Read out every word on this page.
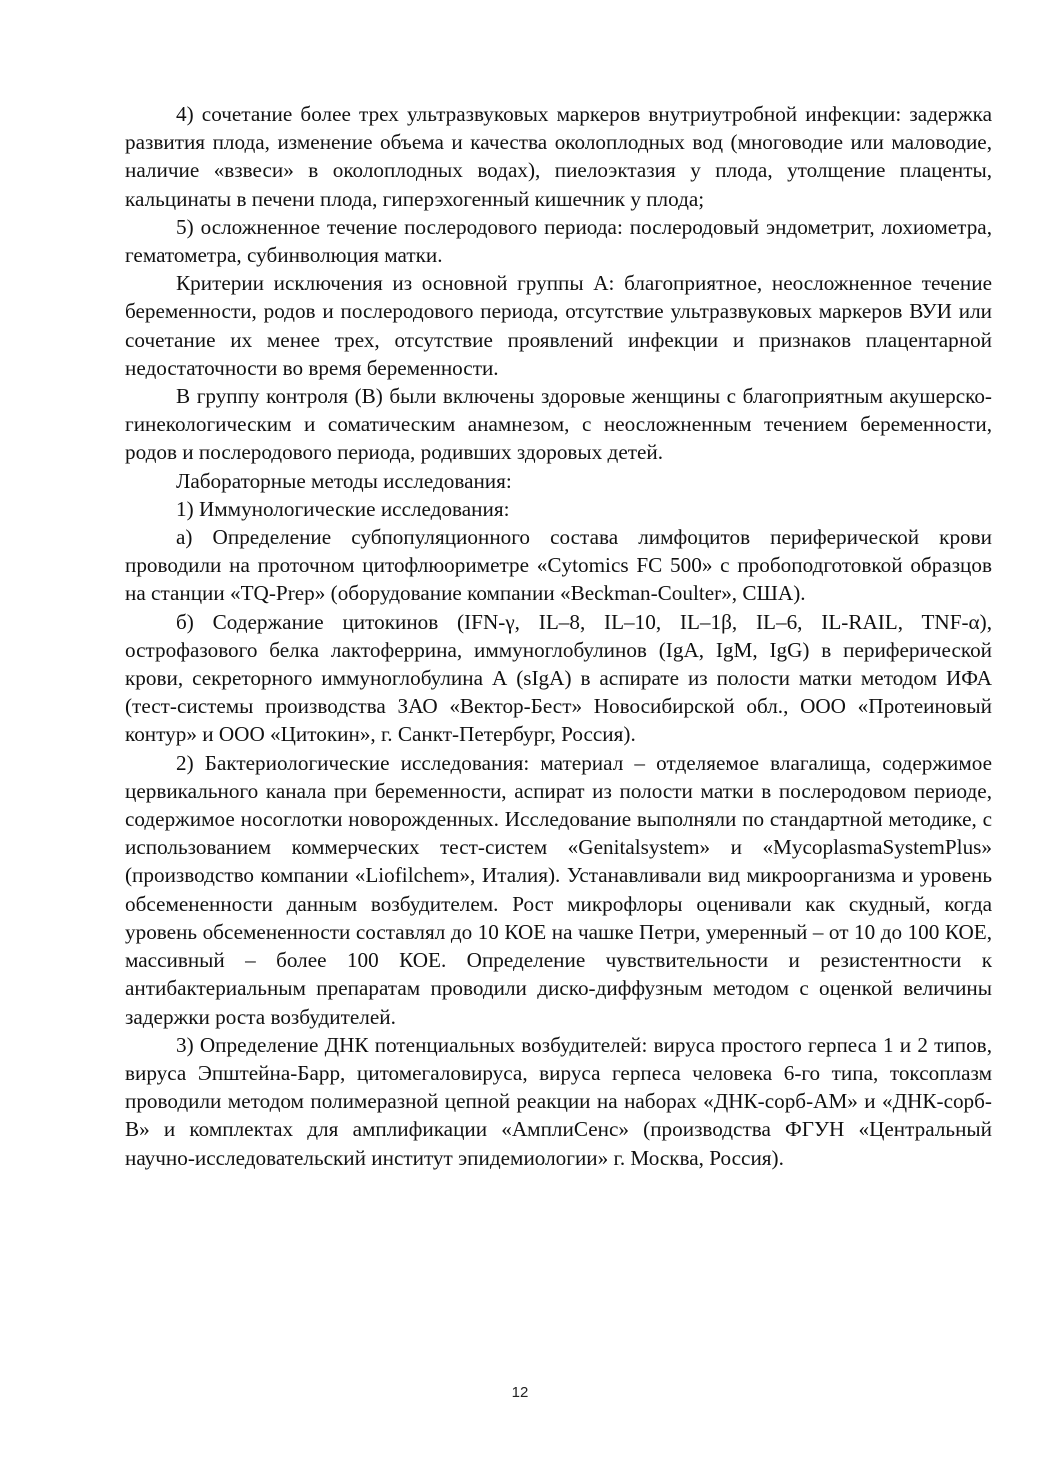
4) сочетание более трех ультразвуковых маркеров внутриутробной инфекции: задержка развития плода, изменение объема и качества околоплодных вод (многоводие или маловодие, наличие «взвеси» в околоплодных водах), пиелоэктазия у плода, утолщение плаценты, кальцинаты в печени плода, гиперэхогенный кишечник у плода;

5) осложненное течение послеродового периода: послеродовый эндометрит, лохиометра, гематометра, субинволюция матки.

Критерии исключения из основной группы А: благоприятное, неосложненное течение беременности, родов и послеродового периода, отсутствие ультразвуковых маркеров ВУИ или сочетание их менее трех, отсутствие проявлений инфекции и признаков плацентарной недостаточности во время беременности.

В группу контроля (В) были включены здоровые женщины с благоприятным акушерско-гинекологическим и соматическим анамнезом, с неосложненным течением беременности, родов и послеродового периода, родивших здоровых детей.

Лабораторные методы исследования:

1) Иммунологические исследования:

а) Определение субпопуляционного состава лимфоцитов периферической крови проводили на проточном цитофлюориметре «Cytomics FC 500» с пробоподготовкой образцов на станции «TQ-Prep» (оборудование компании «Beckman-Coulter», США).

б) Содержание цитокинов (IFN-γ, IL–8, IL–10, IL–1β, IL–6, IL-RAIL, TNF-α), острофазового белка лактоферрина, иммуноглобулинов (IgA, IgM, IgG) в периферической крови, секреторного иммуноглобулина А (sIgA) в аспирате из полости матки методом ИФА (тест-системы производства ЗАО «Вектор-Бест» Новосибирской обл., ООО «Протеиновый контур» и ООО «Цитокин», г. Санкт-Петербург, Россия).

2) Бактериологические исследования: материал – отделяемое влагалища, содержимое цервикального канала при беременности, аспират из полости матки в послеродовом периоде, содержимое носоглотки новорожденных. Исследование выполняли по стандартной методике, с использованием коммерческих тест-систем «Genitalsystem» и «MycoplasmaSystemPlus» (производство компании «Liofilchem», Италия). Устанавливали вид микроорганизма и уровень обсемененности данным возбудителем. Рост микрофлоры оценивали как скудный, когда уровень обсемененности составлял до 10 КОЕ на чашке Петри, умеренный – от 10 до 100 КОЕ, массивный – более 100 КОЕ. Определение чувствительности и резистентности к антибактериальным препаратам проводили диско-диффузным методом с оценкой величины задержки роста возбудителей.

3) Определение ДНК потенциальных возбудителей: вируса простого герпеса 1 и 2 типов, вируса Эпштейна-Барр, цитомегаловируса, вируса герпеса человека 6-го типа, токсоплазм проводили методом полимеразной цепной реакции на наборах «ДНК-сорб-АМ» и «ДНК-сорб-В» и комплектах для амплификации «АмплиСенс» (производства ФГУН «Центральный научно-исследовательский институт эпидемиологии» г. Москва, Россия).

12
